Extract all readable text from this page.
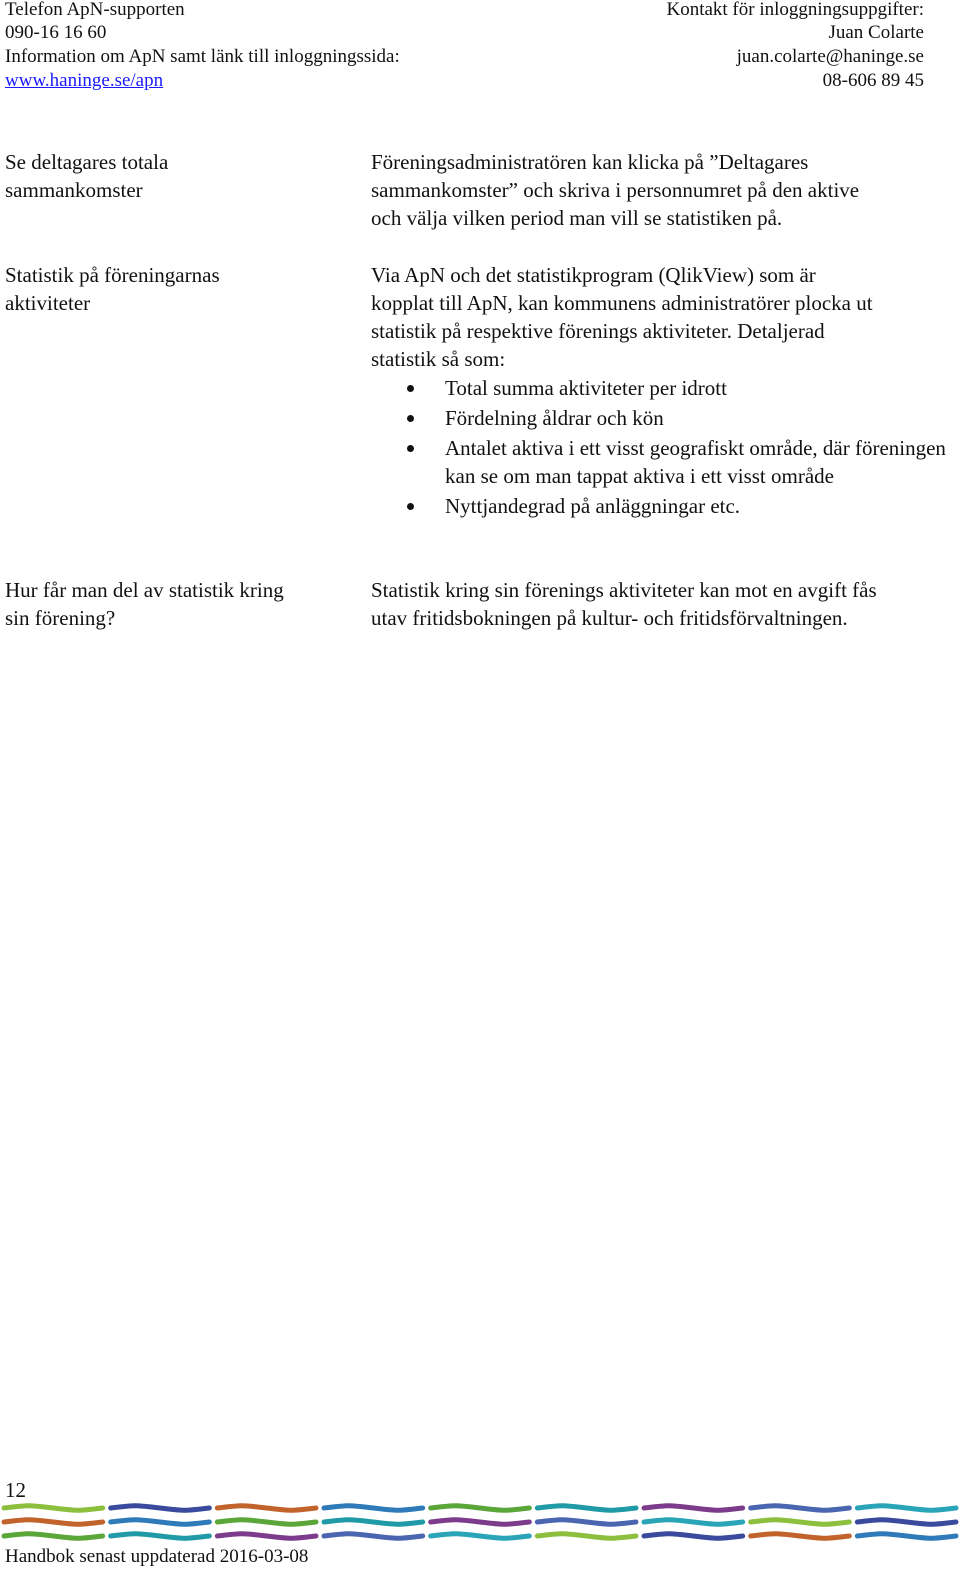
Telefon ApN-supporten
090-16 16 60
Information om ApN samt länk till inloggningssida:
www.haninge.se/apn
Kontakt för inloggningsuppgifter:
Juan Colarte
juan.colarte@haninge.se
08-606 89 45
Se deltagares totala
sammankomster
Föreningsadministratören kan klicka på ”Deltagares
sammankomster” och skriva i personnumret på den aktive
och välja vilken period man vill se statistiken på.
Statistik på föreningarnas
aktiviteter
Via ApN och det statistikprogram (QlikView) som är
kopplat till ApN, kan kommunens administratörer plocka ut
statistik på respektive förenings aktiviteter. Detaljerad
statistik så som:
Total summa aktiviteter per idrott
Fördelning åldrar och kön
Antalet aktiva i ett visst geografiskt område, där föreningen kan se om man tappat aktiva i ett visst område
Nyttjandegrad på anläggningar etc.
Hur får man del av statistik kring
sin förening?
Statistik kring sin förenings aktiviteter kan mot en avgift fås
utav fritidsbokningen på kultur- och fritidsförvaltningen.
12
Handbok senast uppdaterad 2016-03-08
